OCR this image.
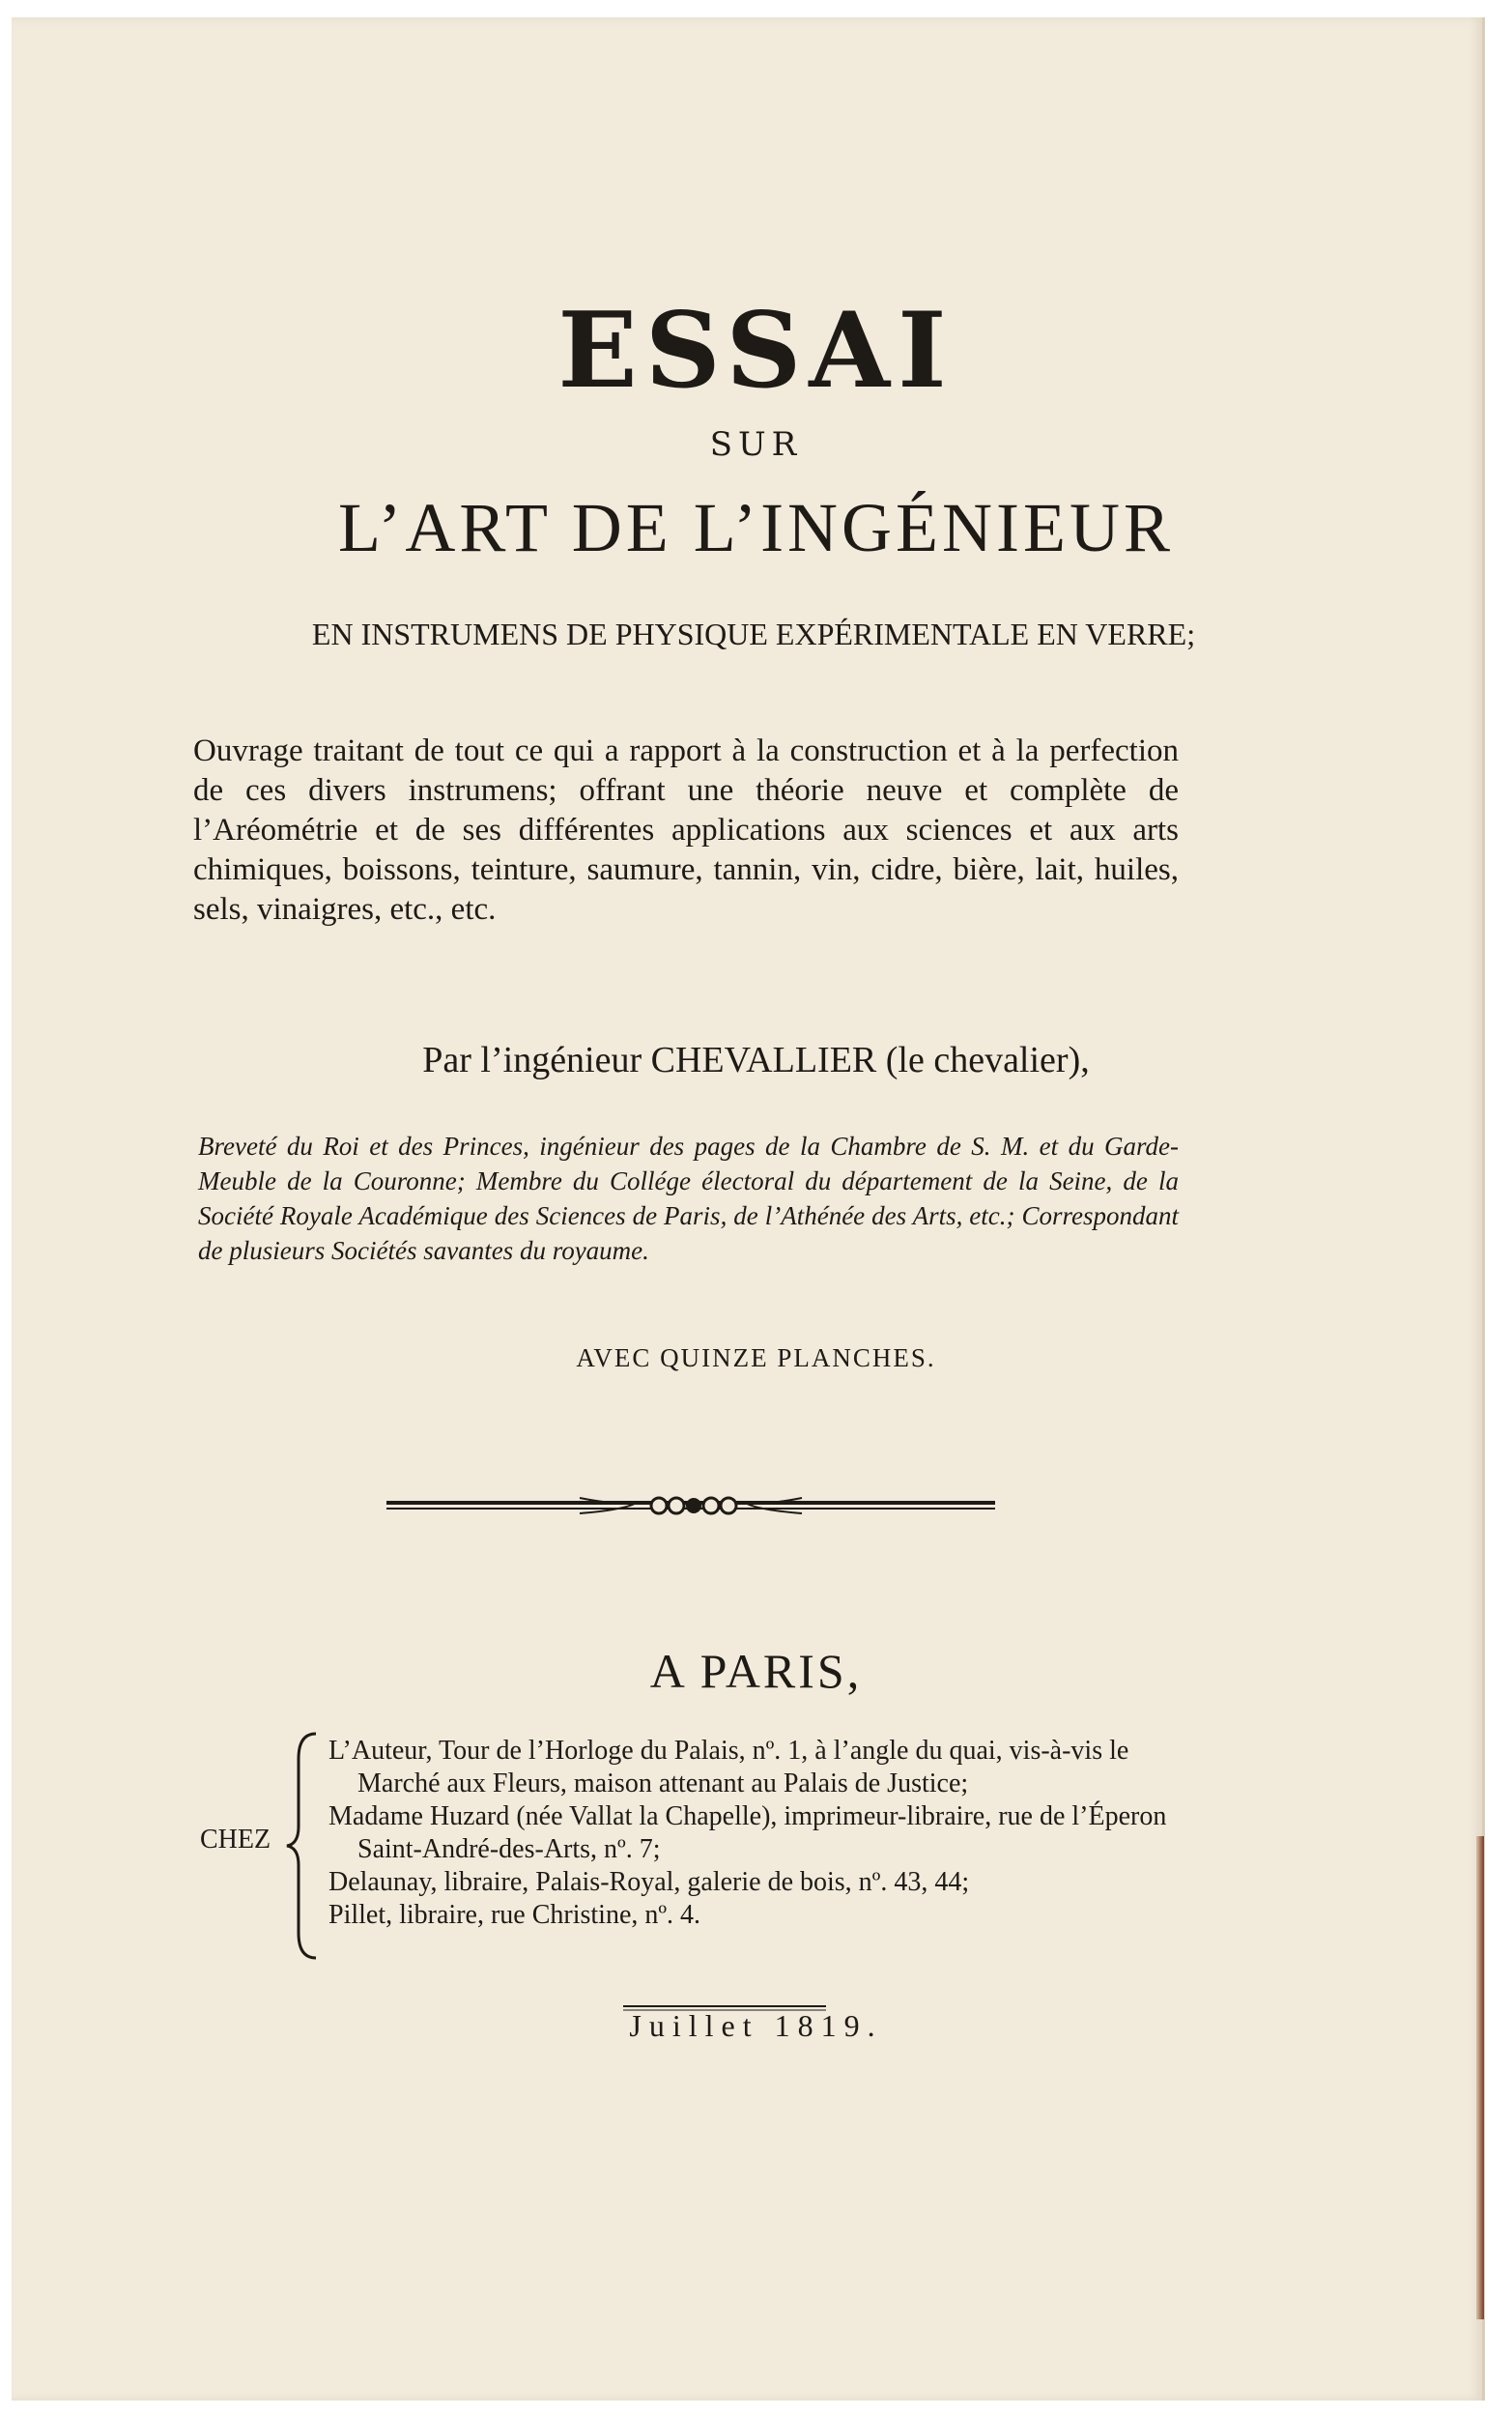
ESSAI
SUR
L’ART DE L’INGÉNIEUR
EN INSTRUMENS DE PHYSIQUE EXPÉRIMENTALE EN VERRE;
Ouvrage traitant de tout ce qui a rapport à la construction et à la perfection de ces divers instrumens; offrant une théorie neuve et complète de l’Aréométrie et de ses différentes applications aux sciences et aux arts chimiques, boissons, teinture, saumure, tannin, vin, cidre, bière, lait, huiles, sels, vinaigres, etc., etc.
Par l’ingénieur CHEVALLIER (le chevalier),
Breveté du Roi et des Princes, ingénieur des pages de la Chambre de S. M. et du Garde-Meuble de la Couronne; Membre du Collége électoral du département de la Seine, de la Société Royale Académique des Sciences de Paris, de l’Athénée des Arts, etc.; Correspondant de plusieurs Sociétés savantes du royaume.
AVEC QUINZE PLANCHES.
A PARIS,
CHEZ

L’Auteur, Tour de l’Horloge du Palais, nº. 1, à l’angle du quai, vis-à-vis le Marché aux Fleurs, maison attenant au Palais de Justice;

Madame Huzard (née Vallat la Chapelle), imprimeur-libraire, rue de l’Éperon Saint-André-des-Arts, nº. 7;

Delaunay, libraire, Palais-Royal, galerie de bois, nº. 43, 44;

Pillet, libraire, rue Christine, nº. 4.

Juillet 1819.
